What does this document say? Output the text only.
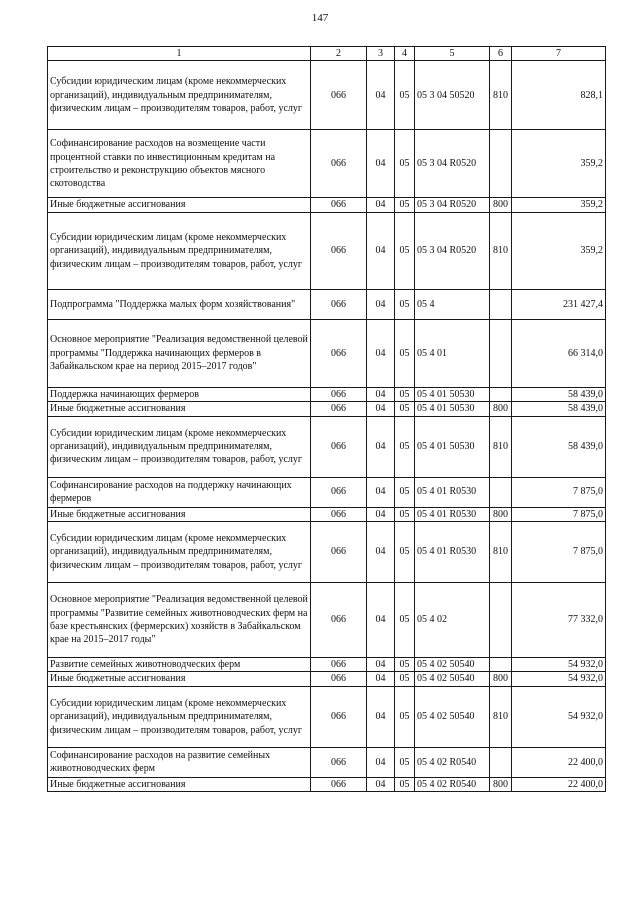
147
1	2	3	4	5	6	7
Субсидии юридическим лицам (кроме некоммерческих организаций), индивидуальным предпринимателям, физическим лицам – производителям товаров, работ, услуг	066	04	05	05 3 04 50520	810	828,1
Софинансирование расходов на возмещение части процентной ставки по инвестиционным кредитам на строительство и реконструкцию объектов мясного скотоводства	066	04	05	05 3 04 R0520		359,2
Иные бюджетные ассигнования	066	04	05	05 3 04 R0520	800	359,2
Субсидии юридическим лицам (кроме некоммерческих организаций), индивидуальным предпринимателям, физическим лицам – производителям товаров, работ, услуг	066	04	05	05 3 04 R0520	810	359,2
Подпрограмма "Поддержка малых форм хозяйствования"	066	04	05	05 4		231 427,4
Основное мероприятие "Реализация ведомственной целевой программы "Поддержка начинающих фермеров в Забайкальском крае на период 2015–2017 годов"	066	04	05	05 4 01		66 314,0
Поддержка начинающих фермеров	066	04	05	05 4 01 50530		58 439,0
Иные бюджетные ассигнования	066	04	05	05 4 01 50530	800	58 439,0
Субсидии юридическим лицам (кроме некоммерческих организаций), индивидуальным предпринимателям, физическим лицам – производителям товаров, работ, услуг	066	04	05	05 4 01 50530	810	58 439,0
Софинансирование расходов на поддержку начинающих фермеров	066	04	05	05 4 01 R0530		7 875,0
Иные бюджетные ассигнования	066	04	05	05 4 01 R0530	800	7 875,0
Субсидии юридическим лицам (кроме некоммерческих организаций), индивидуальным предпринимателям, физическим лицам – производителям товаров, работ, услуг	066	04	05	05 4 01 R0530	810	7 875,0
Основное мероприятие "Реализация ведомственной целевой программы "Развитие семейных животноводческих ферм на базе крестьянских (фермерских) хозяйств в Забайкальском крае на 2015–2017 годы"	066	04	05	05 4 02		77 332,0
Развитие семейных животноводческих ферм	066	04	05	05 4 02 50540		54 932,0
Иные бюджетные ассигнования	066	04	05	05 4 02 50540	800	54 932,0
Субсидии юридическим лицам (кроме некоммерческих организаций), индивидуальным предпринимателям, физическим лицам – производителям товаров, работ, услуг	066	04	05	05 4 02 50540	810	54 932,0
Софинансирование расходов на развитие семейных животноводческих ферм	066	04	05	05 4 02 R0540		22 400,0
Иные бюджетные ассигнования	066	04	05	05 4 02 R0540	800	22 400,0
